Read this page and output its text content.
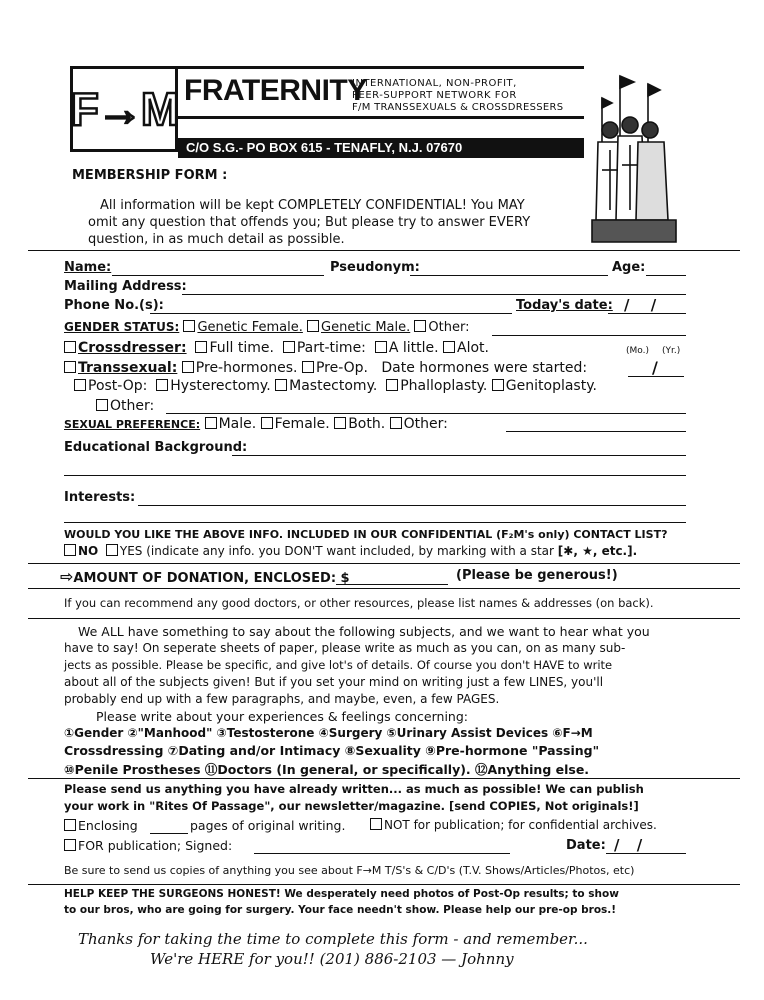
F→M FRATERNITY
INTERNATIONAL, NON-PROFIT,
PEER-SUPPORT NETWORK FOR
F/M TRANSSEXUALS & CROSSDRESSERS
C/O S.G.- PO BOX 615 - TENAFLY, N.J. 07670
MEMBERSHIP FORM :
All information will be kept COMPLETELY CONFIDENTIAL! You MAY
omit any question that offends you; But please try to answer EVERY
question, in as much detail as possible.
Name:	Pseudonym:	Age:
Mailing Address:
Phone No.(s):	Today's date: / /
GENDER STATUS: Genetic Female. Genetic Male. Other:
Crossdresser: Full time. Part-time: A little. Alot.	(Mo.) (Yr.)
Transsexual: Pre-hormones. Pre-Op. Date hormones were started:	/
Post-Op: Hysterectomy. Mastectomy. Phalloplasty. Genitoplasty.
Other:
SEXUAL PREFERENCE: Male. Female. Both. Other:
Educational Background:
Interests:
WOULD YOU LIKE THE ABOVE INFO. INCLUDED IN OUR CONFIDENTIAL (F₂M's only) CONTACT LIST?
NO YES (indicate any info. you DON'T want included, by marking with a star [✱, ★, etc.].
⇨AMOUNT OF DONATION, ENCLOSED: $	(Please be generous!)
If you can recommend any good doctors, or other resources, please list names & addresses (on back).
We ALL have something to say about the following subjects, and we want to hear what you
have to say! On seperate sheets of paper, please write as much as you can, on as many sub-
jects as possible. Please be specific, and give lot's of details. Of course you don't HAVE to write
about all of the subjects given! But if you set your mind on writing just a few LINES, you'll
probably end up with a few paragraphs, and maybe, even, a few PAGES.
Please write about your experiences & feelings concerning:
①Gender ②"Manhood" ③Testosterone ④Surgery ⑤Urinary Assist Devices ⑥F→M
Crossdressing ⑦Dating and/or Intimacy ⑧Sexuality ⑨Pre-hormone "Passing"
⑩Penile Prostheses ⑪Doctors (In general, or specifically). ⑫Anything else.
Please send us anything you have already written... as much as possible! We can publish
your work in "Rites Of Passage", our newsletter/magazine. [send COPIES, Not originals!]
Enclosing	pages of original writing.	NOT for publication; for confidential archives.
FOR publication; Signed:	Date: / /
Be sure to send us copies of anything you see about F→M T/S's & C/D's (T.V. Shows/Articles/Photos, etc)
HELP KEEP THE SURGEONS HONEST! We desperately need photos of Post-Op results; to show
to our bros, who are going for surgery. Your face needn't show. Please help our pre-op bros.!
Thanks for taking the time to complete this form - and remember...
We're HERE for you!! (201) 886-2103 — Johnny
